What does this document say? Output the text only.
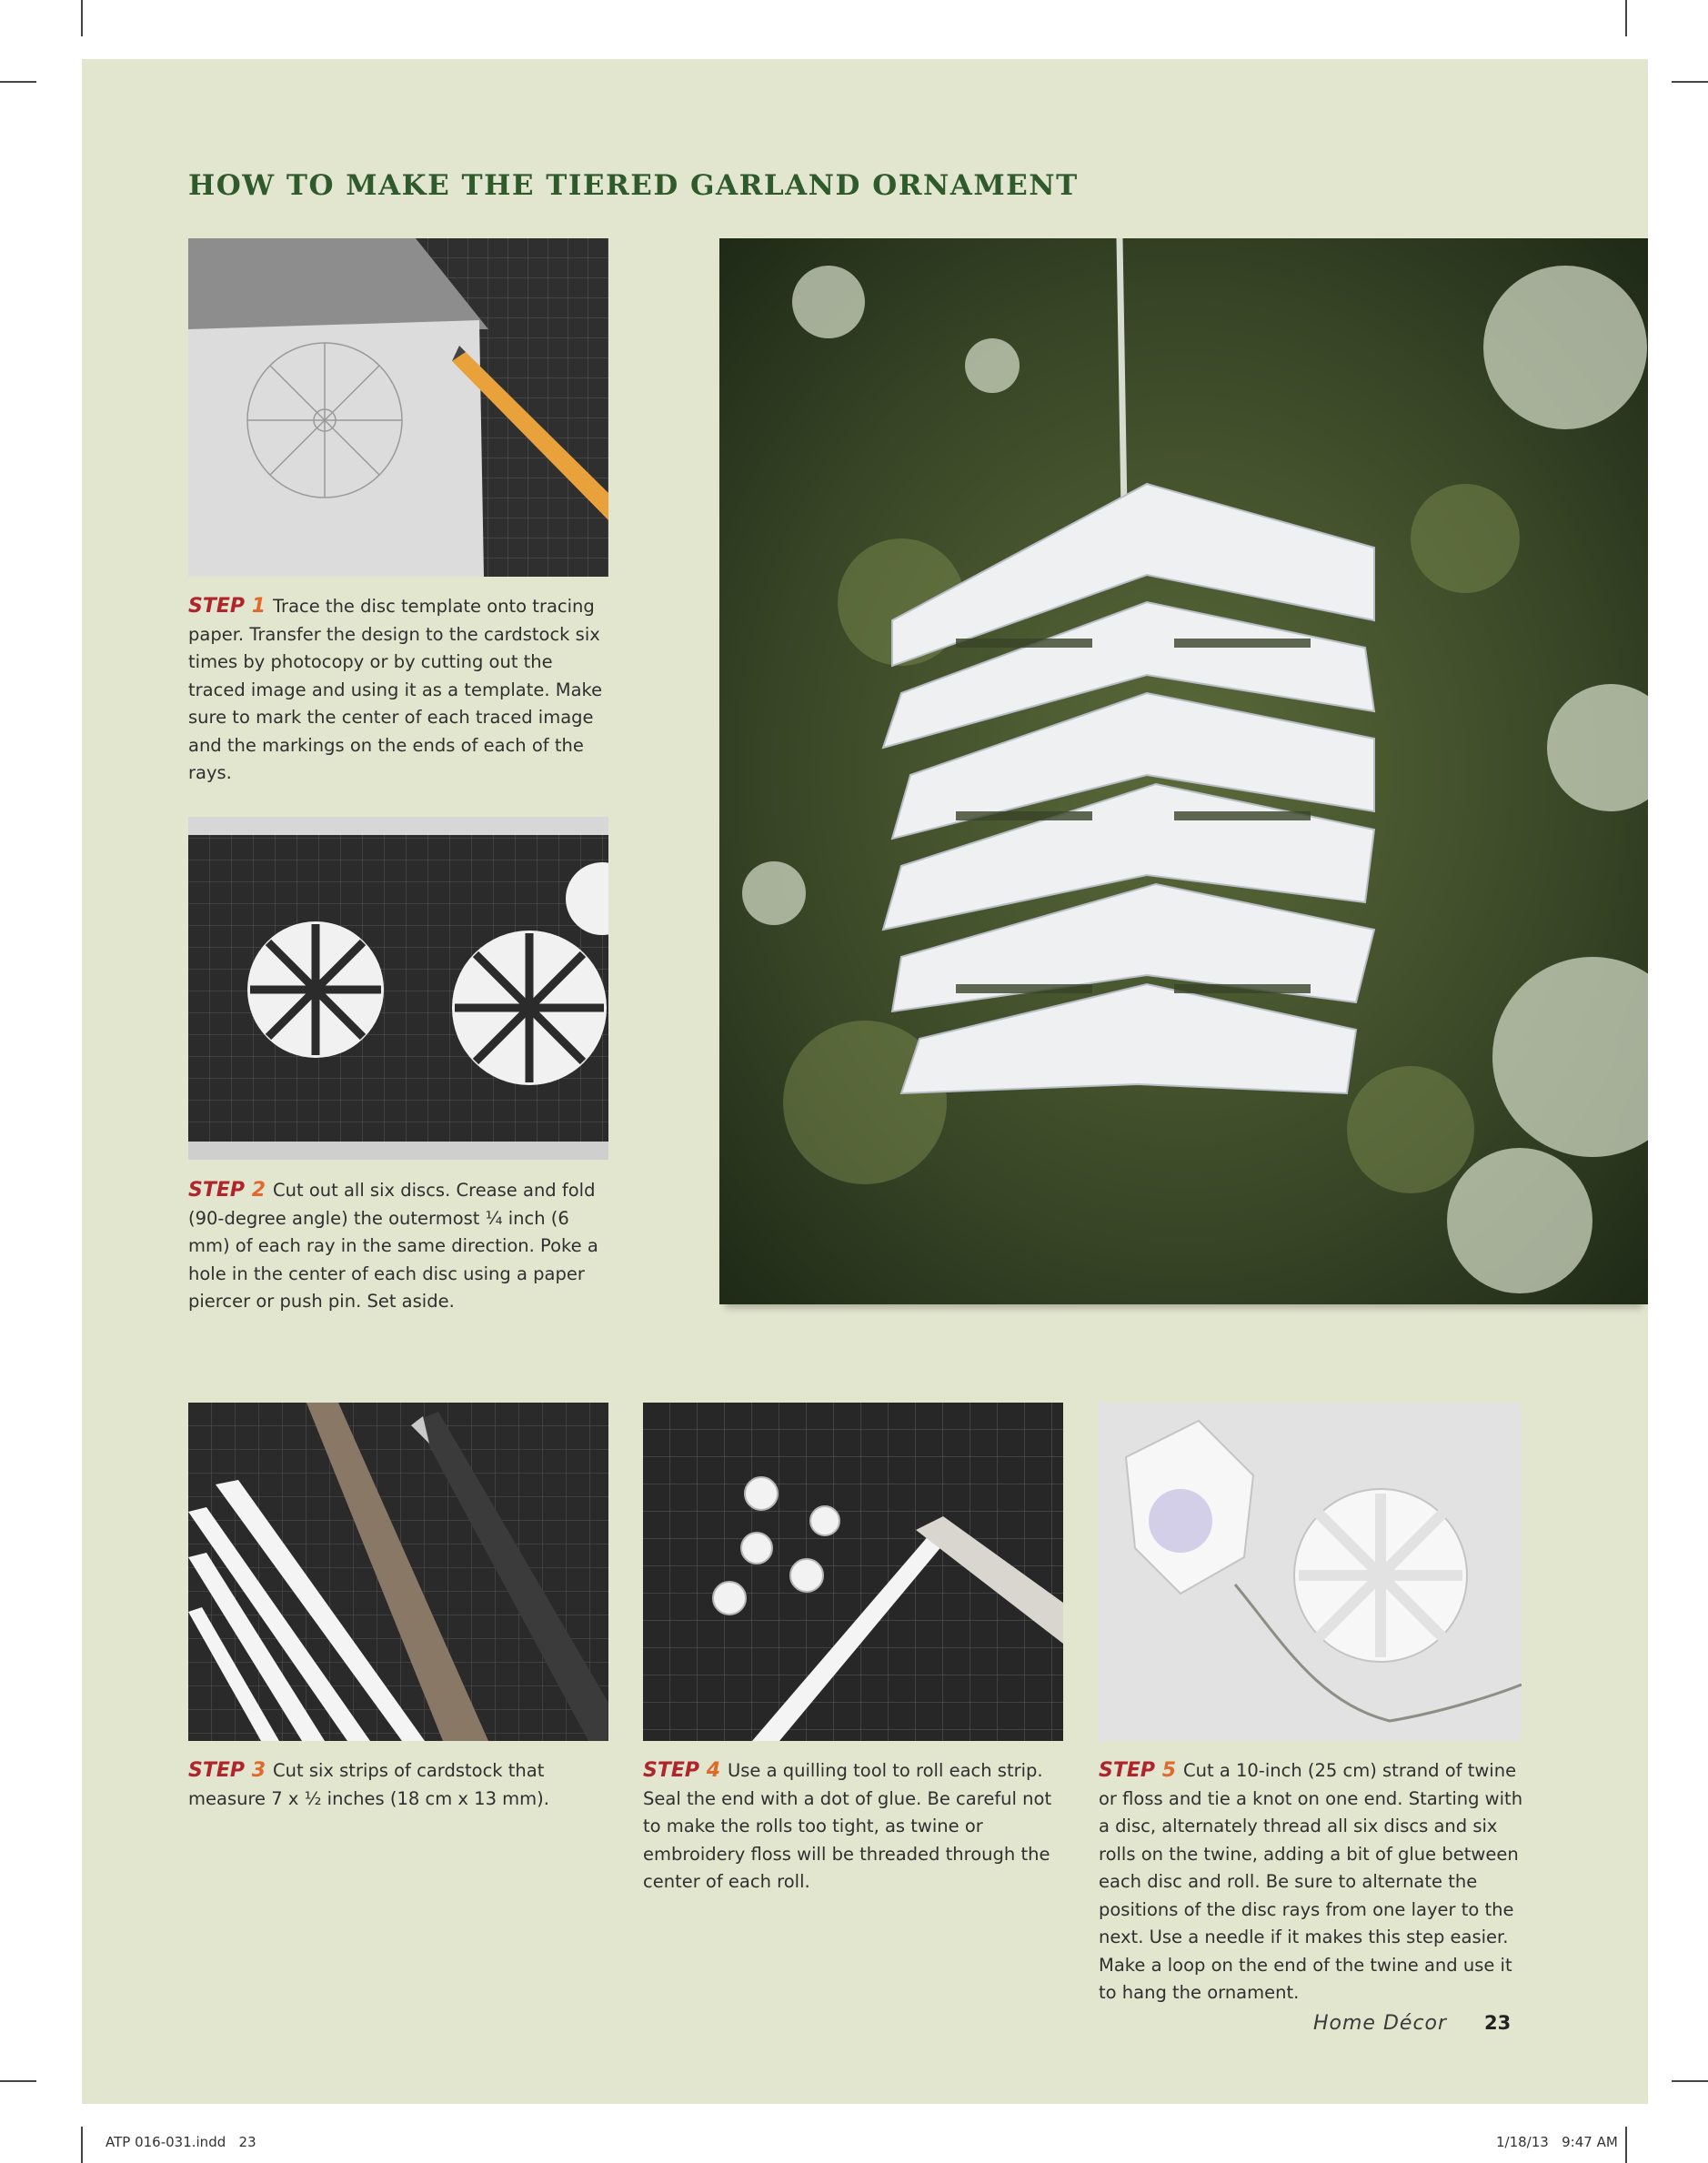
HOW TO MAKE THE TIERED GARLAND ORNAMENT

STEP 1 Trace the disc template onto tracing paper. Transfer the design to the cardstock six times by photocopy or by cutting out the traced image and using it as a template. Make sure to mark the center of each traced image and the markings on the ends of each of the rays.

STEP 2 Cut out all six discs. Crease and fold (90-degree angle) the outermost ¼ inch (6 mm) of each ray in the same direction. Poke a hole in the center of each disc using a paper piercer or push pin. Set aside.

STEP 3 Cut six strips of cardstock that measure 7 x ½ inches (18 cm x 13 mm).

STEP 4 Use a quilling tool to roll each strip. Seal the end with a dot of glue. Be careful not to make the rolls too tight, as twine or embroidery floss will be threaded through the center of each roll.

STEP 5 Cut a 10-inch (25 cm) strand of twine or floss and tie a knot on one end. Starting with a disc, alternately thread all six discs and six rolls on the twine, adding a bit of glue between each disc and roll. Be sure to alternate the positions of the disc rays from one layer to the next. Use a needle if it makes this step easier. Make a loop on the end of the twine and use it to hang the ornament.

Home Décor 23
ATP 016-031.indd   23	1/18/13   9:47 AM
